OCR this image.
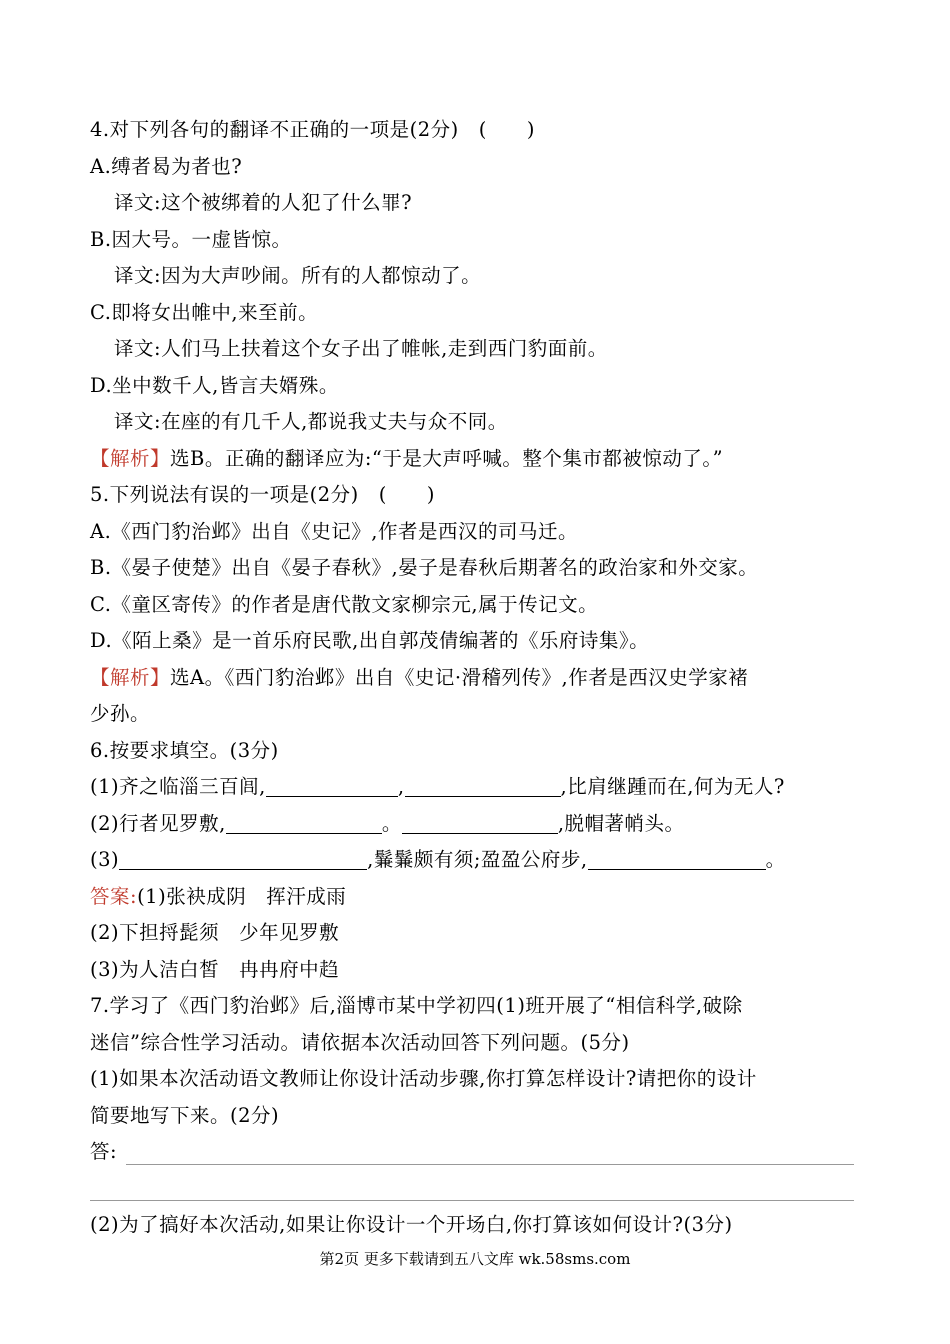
4.对下列各句的翻译不正确的一项是(2分)　(　　)
A.缚者曷为者也?
译文:这个被绑着的人犯了什么罪?
B.因大号。一虚皆惊。
译文:因为大声吵闹。所有的人都惊动了。
C.即将女出帷中,来至前。
译文:人们马上扶着这个女子出了帷帐,走到西门豹面前。
D.坐中数千人,皆言夫婿殊。
译文:在座的有几千人,都说我丈夫与众不同。
【解析】选B。正确的翻译应为:“于是大声呼喊。整个集市都被惊动了。”
5.下列说法有误的一项是(2分)　(　　)
A.《西门豹治邺》出自《史记》,作者是西汉的司马迁。
B.《晏子使楚》出自《晏子春秋》,晏子是春秋后期著名的政治家和外交家。
C.《童区寄传》的作者是唐代散文家柳宗元,属于传记文。
D.《陌上桑》是一首乐府民歌,出自郭茂倩编著的《乐府诗集》。
【解析】选A。《西门豹治邺》出自《史记·滑稽列传》,作者是西汉史学家褚
少孙。
6.按要求填空。(3分)
(1)齐之临淄三百闾,	,	,比肩继踵而在,何为无人?
(2)行者见罗敷,	。	,脱帽著帩头。
(3)	,鬑鬑颇有须;盈盈公府步,	。
答案:(1)张袂成阴　挥汗成雨
(2)下担捋髭须　少年见罗敷
(3)为人洁白皙　冉冉府中趋
7.学习了《西门豹治邺》后,淄博市某中学初四(1)班开展了“相信科学,破除
迷信”综合性学习活动。请依据本次活动回答下列问题。(5分)
(1)如果本次活动语文教师让你设计活动步骤,你打算怎样设计?请把你的设计
简要地写下来。(2分)
答:
(2)为了搞好本次活动,如果让你设计一个开场白,你打算该如何设计?(3分)
第2页 更多下载请到五八文库 wk.58sms.com
